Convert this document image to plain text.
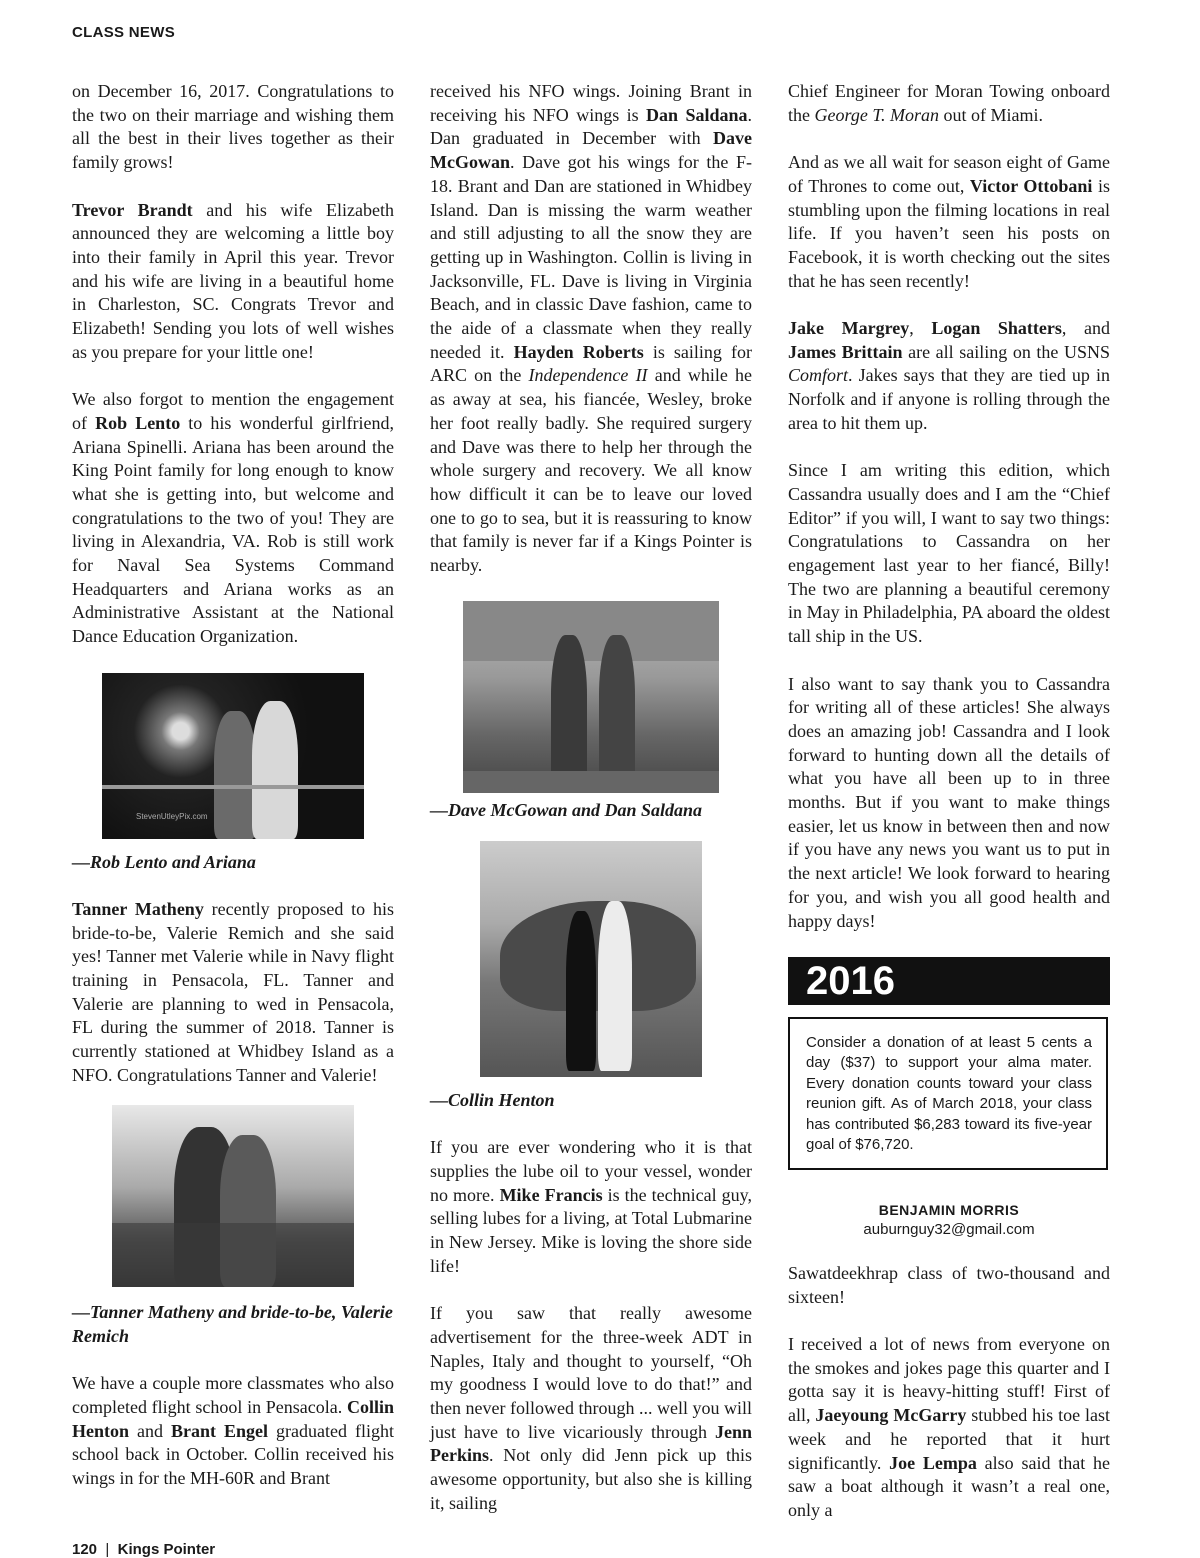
CLASS NEWS

on December 16, 2017. Congratulations to the two on their marriage and wishing them all the best in their lives together as their family grows!

Trevor Brandt and his wife Elizabeth announced they are welcoming a little boy into their family in April this year. Trevor and his wife are living in a beautiful home in Charleston, SC. Congrats Trevor and Elizabeth! Sending you lots of well wishes as you prepare for your little one!

We also forgot to mention the engagement of Rob Lento to his wonderful girlfriend, Ariana Spinelli. Ariana has been around the King Point family for long enough to know what she is getting into, but welcome and congratulations to the two of you! They are living in Alexandria, VA. Rob is still work for Naval Sea Systems Command Headquarters and Ariana works as an Administrative Assistant at the National Dance Education Organization.

StevenUtleyPix.com
—Rob Lento and Ariana

Tanner Matheny recently proposed to his bride-to-be, Valerie Remich and she said yes! Tanner met Valerie while in Navy flight training in Pensacola, FL. Tanner and Valerie are planning to wed in Pensacola, FL during the summer of 2018. Tanner is currently stationed at Whidbey Island as a NFO. Congratulations Tanner and Valerie!

—Tanner Matheny and bride-to-be, Valerie Remich

We have a couple more classmates who also completed flight school in Pensacola. Collin Henton and Brant Engel graduated flight school back in October. Collin received his wings in for the MH-60R and Brant

received his NFO wings. Joining Brant in receiving his NFO wings is Dan Saldana. Dan graduated in December with Dave McGowan. Dave got his wings for the F-18. Brant and Dan are stationed in Whidbey Island. Dan is missing the warm weather and still adjusting to all the snow they are getting up in Washington. Collin is living in Jacksonville, FL. Dave is living in Virginia Beach, and in classic Dave fashion, came to the aide of a classmate when they really needed it. Hayden Roberts is sailing for ARC on the Independence II and while he as away at sea, his fiancée, Wesley, broke her foot really badly. She required surgery and Dave was there to help her through the whole surgery and recovery. We all know how difficult it can be to leave our loved one to go to sea, but it is reassuring to know that family is never far if a Kings Pointer is nearby.

—Dave McGowan and Dan Saldana
—Collin Henton

If you are ever wondering who it is that supplies the lube oil to your vessel, wonder no more. Mike Francis is the technical guy, selling lubes for a living, at Total Lubmarine in New Jersey. Mike is loving the shore side life!

If you saw that really awesome advertisement for the three-week ADT in Naples, Italy and thought to yourself, “Oh my goodness I would love to do that!” and then never followed through ... well you will just have to live vicariously through Jenn Perkins. Not only did Jenn pick up this awesome opportunity, but also she is killing it, sailing

Chief Engineer for Moran Towing onboard the George T. Moran out of Miami.

And as we all wait for season eight of Game of Thrones to come out, Victor Ottobani is stumbling upon the filming locations in real life. If you haven’t seen his posts on Facebook, it is worth checking out the sites that he has seen recently!

Jake Margrey, Logan Shatters, and James Brittain are all sailing on the USNS Comfort. Jakes says that they are tied up in Norfolk and if anyone is rolling through the area to hit them up.

Since I am writing this edition, which Cassandra usually does and I am the “Chief Editor” if you will, I want to say two things: Congratulations to Cassandra on her engagement last year to her fiancé, Billy! The two are planning a beautiful ceremony in May in Philadelphia, PA aboard the oldest tall ship in the US.

I also want to say thank you to Cassandra for writing all of these articles! She always does an amazing job! Cassandra and I look forward to hunting down all the details of what you have all been up to in three months. But if you want to make things easier, let us know in between then and now if you have any news you want us to put in the next article! We look forward to hearing for you, and wish you all good health and happy days!

2016
Consider a donation of at least 5 cents a day ($37) to support your alma mater. Every donation counts toward your class reunion gift. As of March 2018, your class has contributed $6,283 toward its five-year goal of $76,720.
BENJAMIN MORRIS
auburnguy32@gmail.com

Sawatdeekhrap class of two-thousand and sixteen!

I received a lot of news from everyone on the smokes and jokes page this quarter and I gotta say it is heavy-hitting stuff! First of all, Jaeyoung McGarry stubbed his toe last week and he reported that it hurt significantly. Joe Lempa also said that he saw a boat although it wasn’t a real one, only a

120 | Kings Pointer
